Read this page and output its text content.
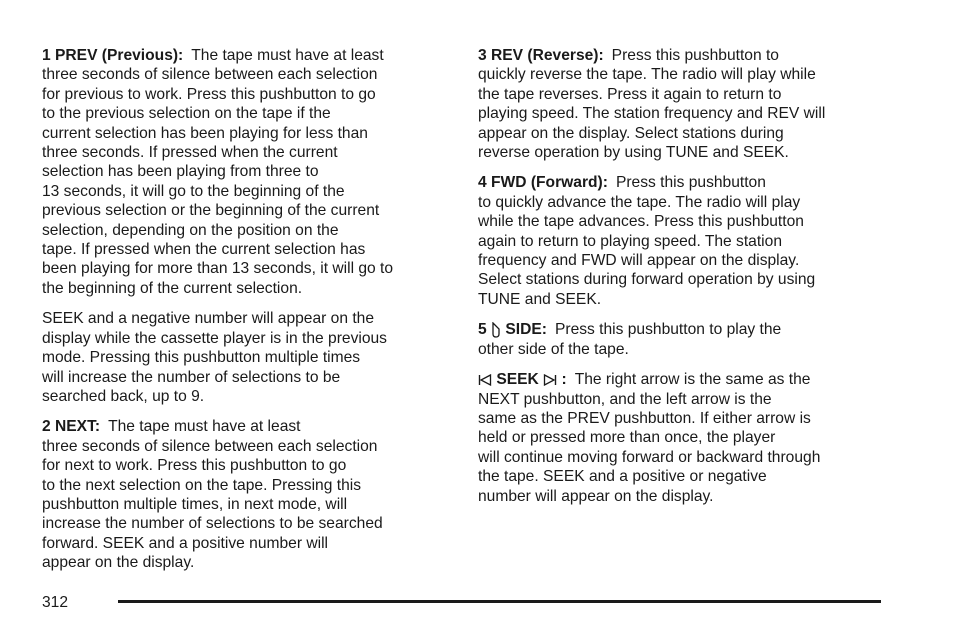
1 PREV (Previous): The tape must have at least
three seconds of silence between each selection
for previous to work. Press this pushbutton to go
to the previous selection on the tape if the
current selection has been playing for less than
three seconds. If pressed when the current
selection has been playing from three to
13 seconds, it will go to the beginning of the
previous selection or the beginning of the current
selection, depending on the position on the
tape. If pressed when the current selection has
been playing for more than 13 seconds, it will go to
the beginning of the current selection.

SEEK and a negative number will appear on the
display while the cassette player is in the previous
mode. Pressing this pushbutton multiple times
will increase the number of selections to be
searched back, up to 9.

2 NEXT: The tape must have at least
three seconds of silence between each selection
for next to work. Press this pushbutton to go
to the next selection on the tape. Pressing this
pushbutton multiple times, in next mode, will
increase the number of selections to be searched
forward. SEEK and a positive number will
appear on the display.

3 REV (Reverse): Press this pushbutton to
quickly reverse the tape. The radio will play while
the tape reverses. Press it again to return to
playing speed. The station frequency and REV will
appear on the display. Select stations during
reverse operation by using TUNE and SEEK.

4 FWD (Forward): Press this pushbutton
to quickly advance the tape. The radio will play
while the tape advances. Press this pushbutton
again to return to playing speed. The station
frequency and FWD will appear on the display.
Select stations during forward operation by using
TUNE and SEEK.

5 SIDE: Press this pushbutton to play the
other side of the tape.

SEEK : The right arrow is the same as the
NEXT pushbutton, and the left arrow is the
same as the PREV pushbutton. If either arrow is
held or pressed more than once, the player
will continue moving forward or backward through
the tape. SEEK and a positive or negative
number will appear on the display.

312
